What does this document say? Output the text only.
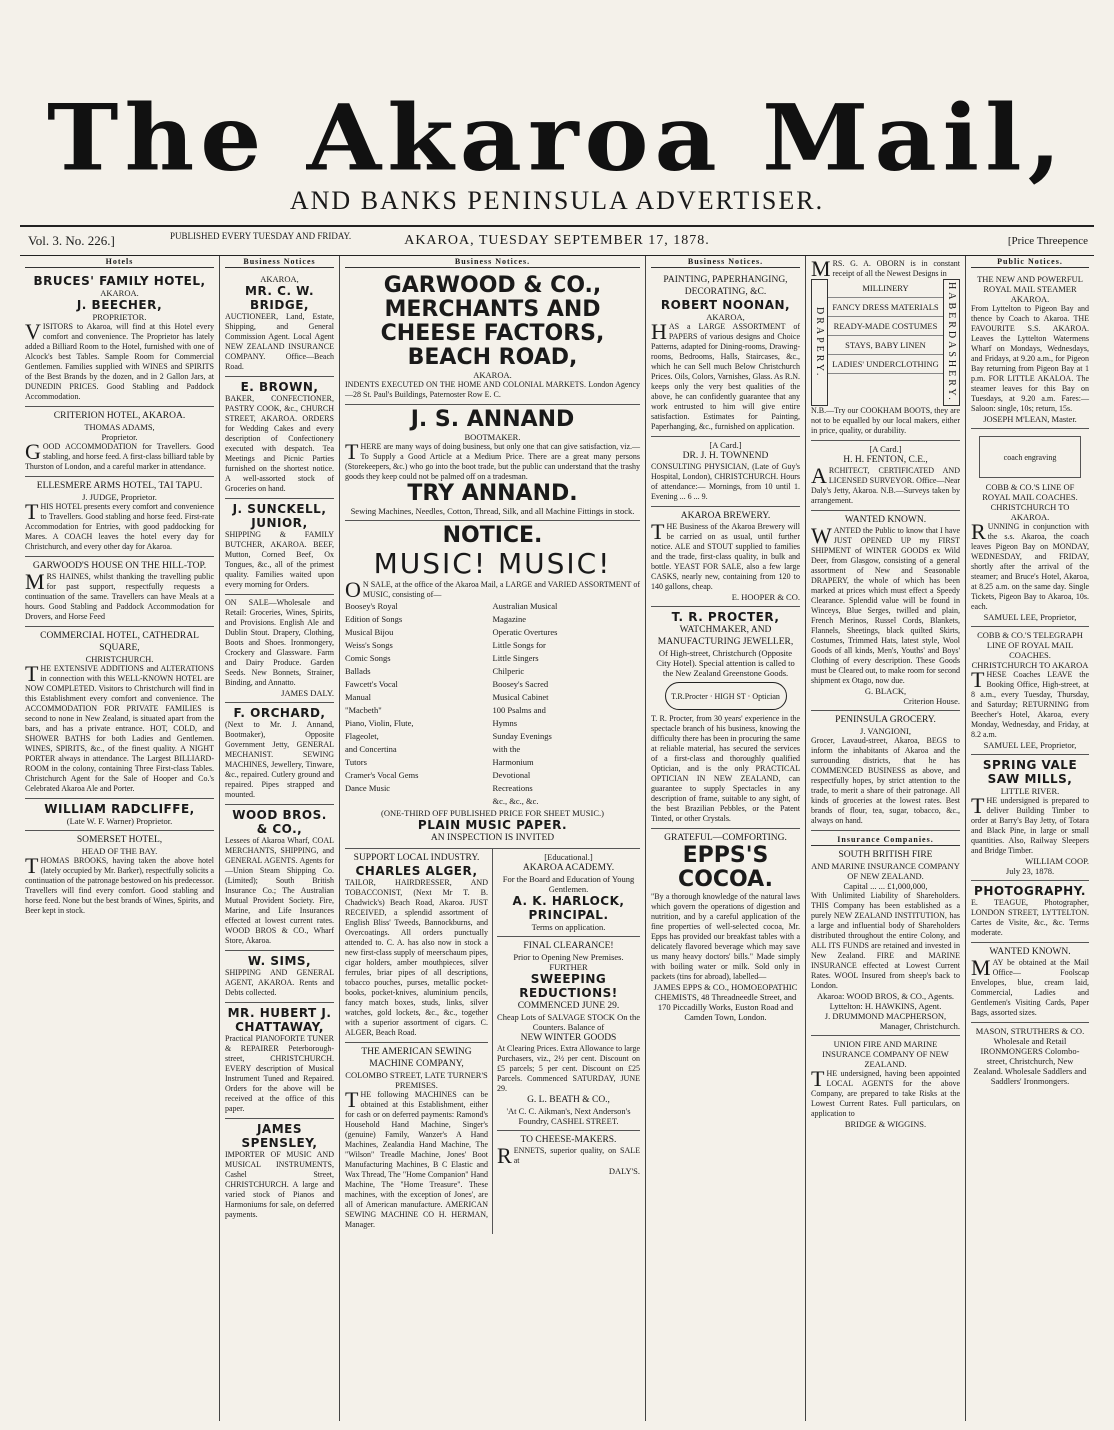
The Akaroa Mail,
AND BANKS PENINSULA ADVERTISER.
Vol. 3. No. 226.]	PUBLISHED EVERY TUESDAY AND FRIDAY.	AKAROA, TUESDAY SEPTEMBER 17, 1878.	[Price Threepence
Hotels
BRUCES' FAMILY HOTEL,
AKAROA.
J. BEECHER,
PROPRIETOR.
VISITORS to Akaroa, will find at this Hotel every comfort and convenience. The Proprietor has lately added a Billiard Room to the Hotel, furnished with one of Alcock's best Tables. Sample Room for Commercial Gentlemen. Families supplied with WINES and SPIRITS of the Best Brands by the dozen, and in 2 Gallon Jars, at DUNEDIN PRICES. Good Stabling and Paddock Accommodation.
CRITERION HOTEL, AKAROA.
THOMAS ADAMS,
Proprietor.
GOOD ACCOMMODATION for Travellers. Good stabling, and horse feed. A first-class billiard table by Thurston of London, and a careful marker in attendance.
ELLESMERE ARMS HOTEL, TAI TAPU.
J. JUDGE, Proprietor.
THIS HOTEL presents every comfort and convenience to Travellers. Good stabling and horse feed. First-rate Accommodation for Entries, with good paddocking for Mares. A COACH leaves the hotel every day for Christchurch, and every other day for Akaroa.
GARWOOD'S HOUSE ON THE HILL-TOP.
MRS HAINES, whilst thanking the travelling public for past support, respectfully requests a continuation of the same. Travellers can have Meals at a hours. Good Stabling and Paddock Accommodation for Drovers, and Horse Feed
COMMERCIAL HOTEL, CATHEDRAL SQUARE,
CHRISTCHURCH.
THE EXTENSIVE ADDITIONS and ALTERATIONS in connection with this WELL-KNOWN HOTEL are NOW COMPLETED. Visitors to Christchurch will find in this Establishment every comfort and convenience. The ACCOMMODATION FOR PRIVATE FAMILIES is second to none in New Zealand, is situated apart from the bars, and has a private entrance. HOT, COLD, and SHOWER BATHS for both Ladies and Gentlemen. WINES, SPIRITS, &c., of the finest quality. A NIGHT PORTER always in attendance. The Largest BILLIARD-ROOM in the colony, containing Three First-class Tables. Christchurch Agent for the Sale of Hooper and Co.'s Celebrated Akaroa Ale and Porter.
WILLIAM RADCLIFFE,
(Late W. F. Warner) Proprietor.
SOMERSET HOTEL,
HEAD OF THE BAY.
THOMAS BROOKS, having taken the above hotel (lately occupied by Mr. Barker), respectfully solicits a continuation of the patronage bestowed on his predecessor. Travellers will find every comfort. Good stabling and horse feed. None but the best brands of Wines, Spirits, and Beer kept in stock.
Business Notices
AKAROA,
MR. C. W. BRIDGE,
AUCTIONEER, Land, Estate, Shipping, and General Commission Agent. Local Agent NEW ZEALAND INSURANCE COMPANY. Office—Beach Road.
E. BROWN,
BAKER, CONFECTIONER, PASTRY COOK, &c., CHURCH STREET, AKAROA. ORDERS for Wedding Cakes and every description of Confectionery executed with despatch. Tea Meetings and Picnic Parties furnished on the shortest notice. A well-assorted stock of Groceries on hand.
J. SUNCKELL, JUNIOR,
SHIPPING & FAMILY BUTCHER, AKAROA. BEEF, Mutton, Corned Beef, Ox Tongues, &c., all of the primest quality. Families waited upon every morning for Orders.
ON SALE—Wholesale and Retail: Groceries, Wines, Spirits, and Provisions. English Ale and Dublin Stout. Drapery, Clothing, Boots and Shoes. Ironmongery, Crockery and Glassware. Farm and Dairy Produce. Garden Seeds. New Bonnets, Strainer, Binding, and Annatto.
JAMES DALY.
F. ORCHARD,
(Next to Mr. J. Annand, Bootmaker), Opposite Government Jetty, GENERAL MECHANIST. SEWING MACHINES, Jewellery, Tinware, &c., repaired. Cutlery ground and repaired. Pipes strapped and mounted.
WOOD BROS. & CO.,
Lessees of Akaroa Wharf, COAL MERCHANTS, SHIPPING, and GENERAL AGENTS. Agents for—Union Steam Shipping Co. (Limited); South British Insurance Co.; The Australian Mutual Provident Society. Fire, Marine, and Life Insurances effected at lowest current rates. WOOD BROS & CO., Wharf Store, Akaroa.
W. SIMS,
SHIPPING AND GENERAL AGENT, AKAROA. Rents and Debts collected.
MR. HUBERT J. CHATTAWAY,
Practical PIANOFORTE TUNER & REPAIRER Peterborough-street, CHRISTCHURCH. EVERY description of Musical Instrument Tuned and Repaired. Orders for the above will be received at the office of this paper.
JAMES SPENSLEY,
IMPORTER OF MUSIC AND MUSICAL INSTRUMENTS, Cashel Street, CHRISTCHURCH. A large and varied stock of Pianos and Harmoniums for sale, on deferred payments.
Business Notices.
GARWOOD & CO.,
MERCHANTS AND CHEESE FACTORS,
BEACH ROAD,
AKAROA.
INDENTS EXECUTED ON THE HOME AND COLONIAL MARKETS. London Agency—28 St. Paul's Buildings, Paternoster Row E. C.
J. S. ANNAND
BOOTMAKER.
THERE are many ways of doing business, but only one that can give satisfaction, viz.— To Supply a Good Article at a Medium Price. There are a great many persons (Storekeepers, &c.) who go into the boot trade, but the public can understand that the trashy goods they keep could not be palmed off on a tradesman.
TRY ANNAND.
Sewing Machines, Needles, Cotton, Thread, Silk, and all Machine Fittings in stock.
NOTICE.
MUSIC! MUSIC!
ON SALE, at the office of the Akaroa Mail, a LARGE and VARIED ASSORTMENT of MUSIC, consisting of—
Boosey's Royal Edition of Songs
Musical Bijou
Weiss's Songs
Comic Songs
Ballads
Fawcett's Vocal Manual
"Macbeth"
Piano, Violin, Flute, Flageolet,
and Concertina Tutors
Cramer's Vocal Gems
Dance Music
Australian Musical Magazine
Operatic Overtures
Little Songs for Little Singers
Chilperic
Boosey's Sacred Musical Cabinet
100 Psalms and Hymns
Sunday Evenings with the
Harmonium
Devotional Recreations
&c., &c., &c.
(ONE-THIRD OFF PUBLISHED PRICE FOR SHEET MUSIC.)
PLAIN MUSIC PAPER.
AN INSPECTION IS INVITED
SUPPORT LOCAL INDUSTRY.
CHARLES ALGER,
TAILOR, HAIRDRESSER, AND TOBACCONIST, (Next Mr T. B. Chadwick's) Beach Road, Akaroa. JUST RECEIVED, a splendid assortment of English Bliss' Tweeds, Bannockburns, and Overcoatings. All orders punctually attended to. C. A. has also now in stock a new first-class supply of meerschaum pipes, cigar holders, amber mouthpieces, silver ferrules, briar pipes of all descriptions, tobacco pouches, purses, metallic pocket-books, pocket-knives, aluminium pencils, fancy match boxes, studs, links, silver watches, gold lockets, &c., &c., together with a superior assortment of cigars. C. ALGER, Beach Road.
THE AMERICAN SEWING MACHINE COMPANY,
COLOMBO STREET, LATE TURNER'S PREMISES.
THE following MACHINES can be obtained at this Establishment, either for cash or on deferred payments: Ramond's Household Hand Machine, Singer's (genuine) Family, Wanzer's A Hand Machines, Zealandia Hand Machine, The "Wilson" Treadle Machine, Jones' Boot Manufacturing Machines, B C Elastic and Wax Thread, The "Home Companion" Hand Machine, The "Home Treasure". These machines, with the exception of Jones', are all of American manufacture. AMERICAN SEWING MACHINE CO H. HERMAN, Manager.
[Educational.]
AKAROA ACADEMY.
For the Board and Education of Young Gentlemen.
A. K. HARLOCK, PRINCIPAL.
Terms on application.
FINAL CLEARANCE!
Prior to Opening New Premises. FURTHER
SWEEPING REDUCTIONS!
COMMENCED JUNE 29.
Cheap Lots of SALVAGE STOCK On the Counters. Balance of
NEW WINTER GOODS
At Clearing Prices. Extra Allowance to large Purchasers, viz., 2½ per cent. Discount on £5 parcels; 5 per cent. Discount on £25 Parcels. Commenced SATURDAY, JUNE 29.
G. L. BEATH & CO.,
'At C. C. Aikman's, Next Anderson's Foundry, CASHEL STREET.
TO CHEESE-MAKERS.
RENNETS, superior quality, on SALE at
DALY'S.
Business Notices.
PAINTING, PAPERHANGING, DECORATING, &C.
ROBERT NOONAN,
AKAROA,
HAS a LARGE ASSORTMENT of PAPERS of various designs and Choice Patterns, adapted for Dining-rooms, Drawing-rooms, Bedrooms, Halls, Staircases, &c., which he can Sell much Below Christchurch Prices. Oils, Colors, Varnishes, Glass. As R.N. keeps only the very best qualities of the above, he can confidently guarantee that any work entrusted to him will give entire satisfaction. Estimates for Painting, Paperhanging, &c., furnished on application.
[A Card.]
DR. J. H. TOWNEND
CONSULTING PHYSICIAN, (Late of Guy's Hospital, London), CHRISTCHURCH. Hours of attendance:— Mornings, from 10 until 1. Evening ... 6 ... 9.
AKAROA BREWERY.
THE Business of the Akaroa Brewery will be carried on as usual, until further notice. ALE and STOUT supplied to families and the trade, first-class quality, in bulk and bottle. YEAST FOR SALE, also a few large CASKS, nearly new, containing from 120 to 140 gallons, cheap.
E. HOOPER & CO.
T. R. PROCTER,
WATCHMAKER, AND MANUFACTURING JEWELLER,
Of High-street, Christchurch (Opposite City Hotel). Special attention is called to the New Zealand Greenstone Goods.
T.R.Procter · HIGH ST · Optician
T. R. Procter, from 30 years' experience in the spectacle branch of his business, knowing the difficulty there has been in procuring the same at reliable material, has secured the services of a first-class and thoroughly qualified Optician, and is the only PRACTICAL OPTICIAN IN NEW ZEALAND, can guarantee to supply Spectacles in any description of frame, suitable to any sight, of the best Brazilian Pebbles, or the Patent Tinted, or other Crystals.
GRATEFUL—COMFORTING.
EPPS'S COCOA.
"By a thorough knowledge of the natural laws which govern the operations of digestion and nutrition, and by a careful application of the fine properties of well-selected cocoa, Mr. Epps has provided our breakfast tables with a delicately flavored beverage which may save us many heavy doctors' bills." Made simply with boiling water or milk. Sold only in packets (tins for abroad), labelled—
JAMES EPPS & CO., HOMOEOPATHIC CHEMISTS, 48 Threadneedle Street, and 170 Piccadilly Works, Euston Road and Camden Town, London.
MRS. G. A. OBORN is in constant receipt of all the Newest Designs in
DRAPERY.
MILLINERY
FANCY DRESS MATERIALS
READY-MADE COSTUMES
STAYS, BABY LINEN
LADIES' UNDERCLOTHING HABERDASHERY.
N.B.—Try our COOKHAM BOOTS, they are not to be equalled by our local makers, either in price, quality, or durability.
[A Card.]
H. H. FENTON, C.E.,
ARCHITECT, CERTIFICATED AND LICENSED SURVEYOR. Office—Near Daly's Jetty, Akaroa. N.B.—Surveys taken by arrangement.
WANTED KNOWN.
WANTED the Public to know that I have JUST OPENED UP my FIRST SHIPMENT of WINTER GOODS ex Wild Deer, from Glasgow, consisting of a general assortment of New and Seasonable DRAPERY, the whole of which has been marked at prices which must effect a Speedy Clearance. Splendid value will be found in Winceys, Blue Serges, twilled and plain, French Merinos, Russel Cords, Blankets, Flannels, Sheetings, black quilted Skirts, Costumes, Trimmed Hats, latest style, Wool Goods of all kinds, Men's, Youths' and Boys' Clothing of every description. These Goods must be Cleared out, to make room for second shipment ex Otago, now due.
G. BLACK,
Criterion House.
PENINSULA GROCERY.
J. VANGIONI,
Grocer, Lavaud-street, Akaroa, BEGS to inform the inhabitants of Akaroa and the surrounding districts, that he has COMMENCED BUSINESS as above, and respectfully hopes, by strict attention to the trade, to merit a share of their patronage. All kinds of groceries at the lowest rates. Best brands of flour, tea, sugar, tobacco, &c., always on hand.
Insurance Companies.
SOUTH BRITISH FIRE
AND MARINE INSURANCE COMPANY OF NEW ZEALAND.
Capital ... ... £1,000,000,
With Unlimited Liability of Shareholders. THIS Company has been established as a purely NEW ZEALAND INSTITUTION, has a large and influential body of Shareholders distributed throughout the entire Colony, and ALL ITS FUNDS are retained and invested in New Zealand. FIRE and MARINE INSURANCE effected at Lowest Current Rates. WOOL Insured from sheep's back to London.
Akaroa: WOOD BROS, & CO., Agents. Lyttelton: H. HAWKINS, Agent.
J. DRUMMOND MACPHERSON,
Manager, Christchurch.
UNION FIRE AND MARINE INSURANCE COMPANY OF NEW ZEALAND.
THE undersigned, having been appointed LOCAL AGENTS for the above Company, are prepared to take Risks at the Lowest Current Rates. Full particulars, on application to
BRIDGE & WIGGINS.
Public Notices.
THE NEW AND POWERFUL ROYAL MAIL STEAMER
AKAROA.
From Lyttelton to Pigeon Bay and thence by Coach to Akaroa. THE FAVOURITE S.S. AKAROA. Leaves the Lyttelton Watermens Wharf on Mondays, Wednesdays, and Fridays, at 9.20 a.m., for Pigeon Bay returning from Pigeon Bay at 1 p.m. FOR LITTLE AKALOA. The steamer leaves for this Bay on Tuesdays, at 9.20 a.m. Fares:—Saloon: single, 10s; return, 15s.
JOSEPH M'LEAN, Master.
coach engraving
COBB & CO.'S LINE OF ROYAL MAIL COACHES.
CHRISTCHURCH TO AKAROA.
RUNNING in conjunction with the s.s. Akaroa, the coach leaves Pigeon Bay on MONDAY, WEDNESDAY, and FRIDAY, shortly after the arrival of the steamer; and Bruce's Hotel, Akaroa, at 8.25 a.m. on the same day. Single Tickets, Pigeon Bay to Akaroa, 10s. each.
SAMUEL LEE, Proprietor,
COBB & CO.'S TELEGRAPH LINE OF ROYAL MAIL COACHES.
CHRISTCHURCH TO AKAROA
THESE Coaches LEAVE the Booking Office, High-street, at 8 a.m., every Tuesday, Thursday, and Saturday; RETURNING from Beecher's Hotel, Akaroa, every Monday, Wednesday, and Friday, at 8.2 a.m.
SAMUEL LEE, Proprietor,
SPRING VALE SAW MILLS,
LITTLE RIVER.
THE undersigned is prepared to deliver Building Timber to order at Barry's Bay Jetty, of Totara and Black Pine, in large or small quantities. Also, Railway Sleepers and Bridge Timber.
WILLIAM COOP.
July 23, 1878.
PHOTOGRAPHY.
E. TEAGUE, Photographer, LONDON STREET, LYTTELTON. Cartes de Visite, &c., &c. Terms moderate.
WANTED KNOWN.
MAY be obtained at the Mail Office— Foolscap Envelopes, blue, cream laid, Commercial, Ladies and Gentlemen's Visiting Cards, Paper Bags, assorted sizes.
MASON, STRUTHERS & CO.
Wholesale and Retail IRONMONGERS Colombo-street, Christchurch, New Zealand. Wholesale Saddlers and Saddlers' Ironmongers.
